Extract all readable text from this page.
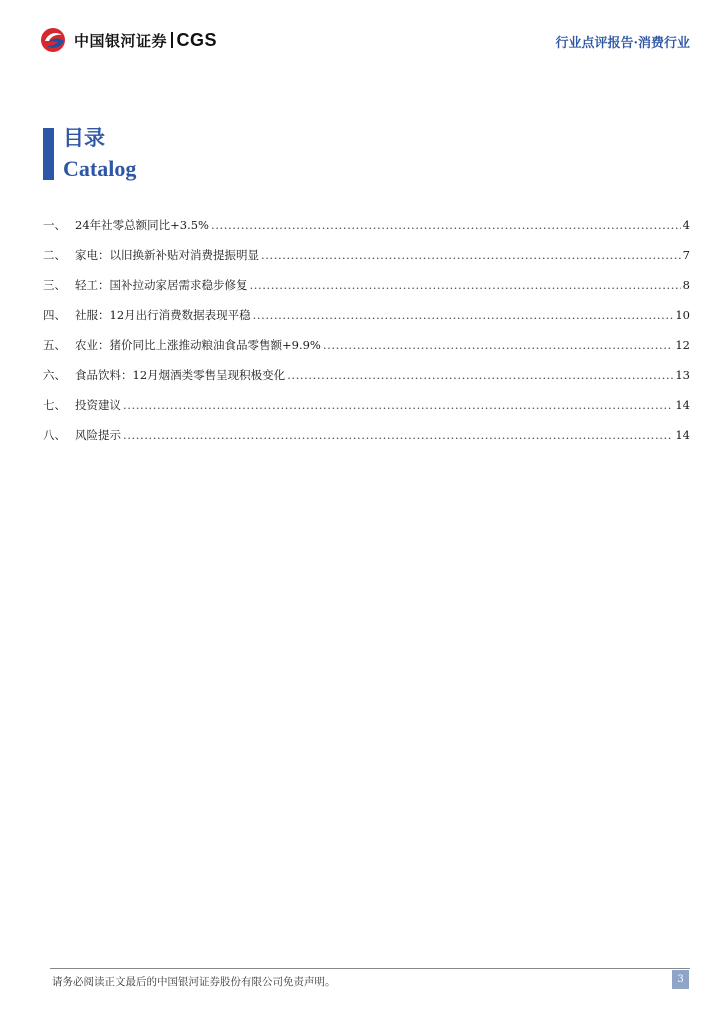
中国银河证券 CGS	行业点评报告·消费行业
目录
Catalog
一、 24年社零总额同比+3.5% .....	4
二、 家电：以旧换新补贴对消费提振明显 .....	7
三、 轻工：国补拉动家居需求稳步修复 .....	8
四、 社服：12月出行消费数据表现平稳 .....	10
五、 农业：猪价同比上涨推动粮油食品零售额+9.9% .....	12
六、 食品饮料：12月烟酒类零售呈现积极变化 .....	13
七、 投资建议 .....	14
八、 风险提示 .....	14
请务必阅读正文最后的中国银河证券股份有限公司免责声明。	3
